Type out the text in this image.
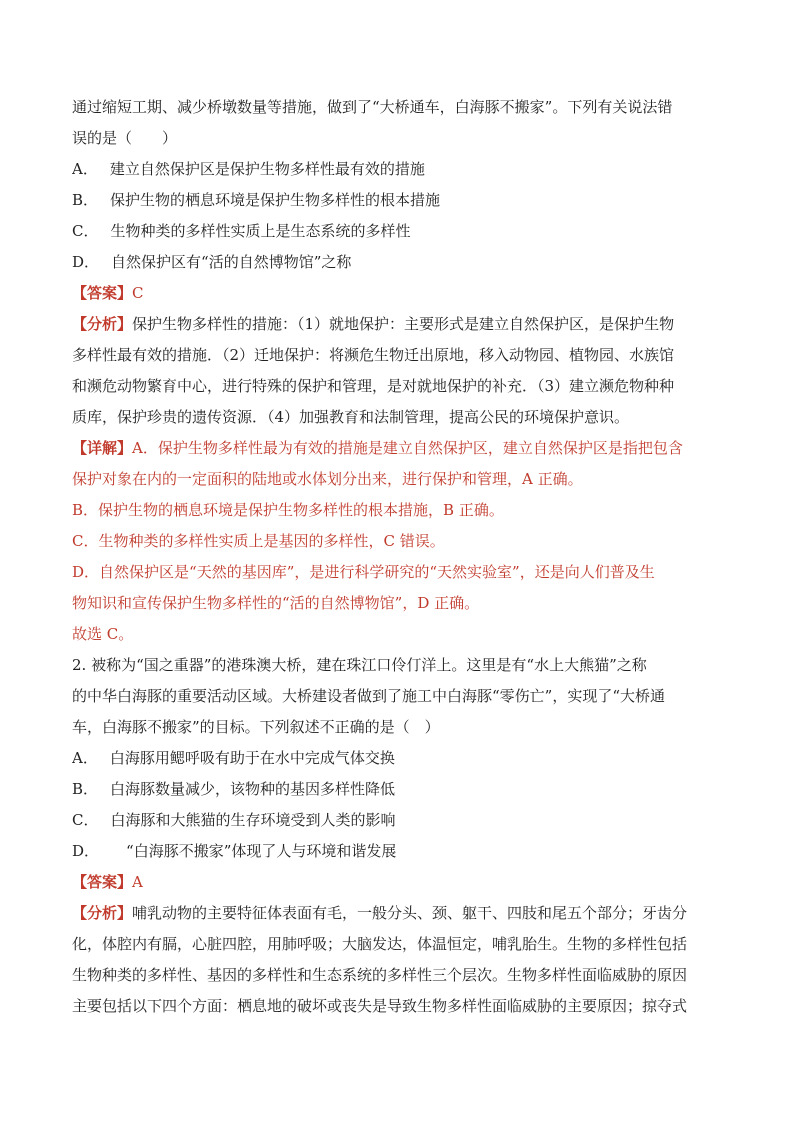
通过缩短工期、减少桥墩数量等措施，做到了“大桥通车，白海豚不搬家”。下列有关说法错
误的是（　　）
A． 建立自然保护区是保护生物多样性最有效的措施
B． 保护生物的栖息环境是保护生物多样性的根本措施
C． 生物种类的多样性实质上是生态系统的多样性
D． 自然保护区有“活的自然博物馆”之称
【答案】C
【分析】保护生物多样性的措施：（1）就地保护：主要形式是建立自然保护区，是保护生物
多样性最有效的措施．（2）迁地保护：将濒危生物迁出原地，移入动物园、植物园、水族馆
和濒危动物繁育中心，进行特殊的保护和管理，是对就地保护的补充．（3）建立濒危物种种
质库，保护珍贵的遗传资源．（4）加强教育和法制管理，提高公民的环境保护意识。
【详解】A．保护生物多样性最为有效的措施是建立自然保护区，建立自然保护区是指把包含
保护对象在内的一定面积的陆地或水体划分出来，进行保护和管理，A 正确。
B．保护生物的栖息环境是保护生物多样性的根本措施，B 正确。
C．生物种类的多样性实质上是基因的多样性，C 错误。
D．自然保护区是“天然的基因库”，是进行科学研究的“天然实验室”，还是向人们普及生
物知识和宣传保护生物多样性的“活的自然博物馆”，D 正确。
故选 C。
2. 被称为“国之重器”的港珠澳大桥，建在珠江口伶仃洋上。这里是有“水上大熊猫”之称
的中华白海豚的重要活动区域。大桥建设者做到了施工中白海豚“零伤亡”，实现了“大桥通
车，白海豚不搬家”的目标。下列叙述不正确的是（　）
A． 白海豚用鳃呼吸有助于在水中完成气体交换
B． 白海豚数量减少，该物种的基因多样性降低
C． 白海豚和大熊猫的生存环境受到人类的影响
D．　“白海豚不搬家”体现了人与环境和谐发展
【答案】A
【分析】哺乳动物的主要特征体表面有毛，一般分头、颈、躯干、四肢和尾五个部分；牙齿分
化，体腔内有膈，心脏四腔，用肺呼吸；大脑发达，体温恒定，哺乳胎生。生物的多样性包括
生物种类的多样性、基因的多样性和生态系统的多样性三个层次。生物多样性面临威胁的原因
主要包括以下四个方面：栖息地的破坏或丧失是导致生物多样性面临威胁的主要原因；掠夺式
